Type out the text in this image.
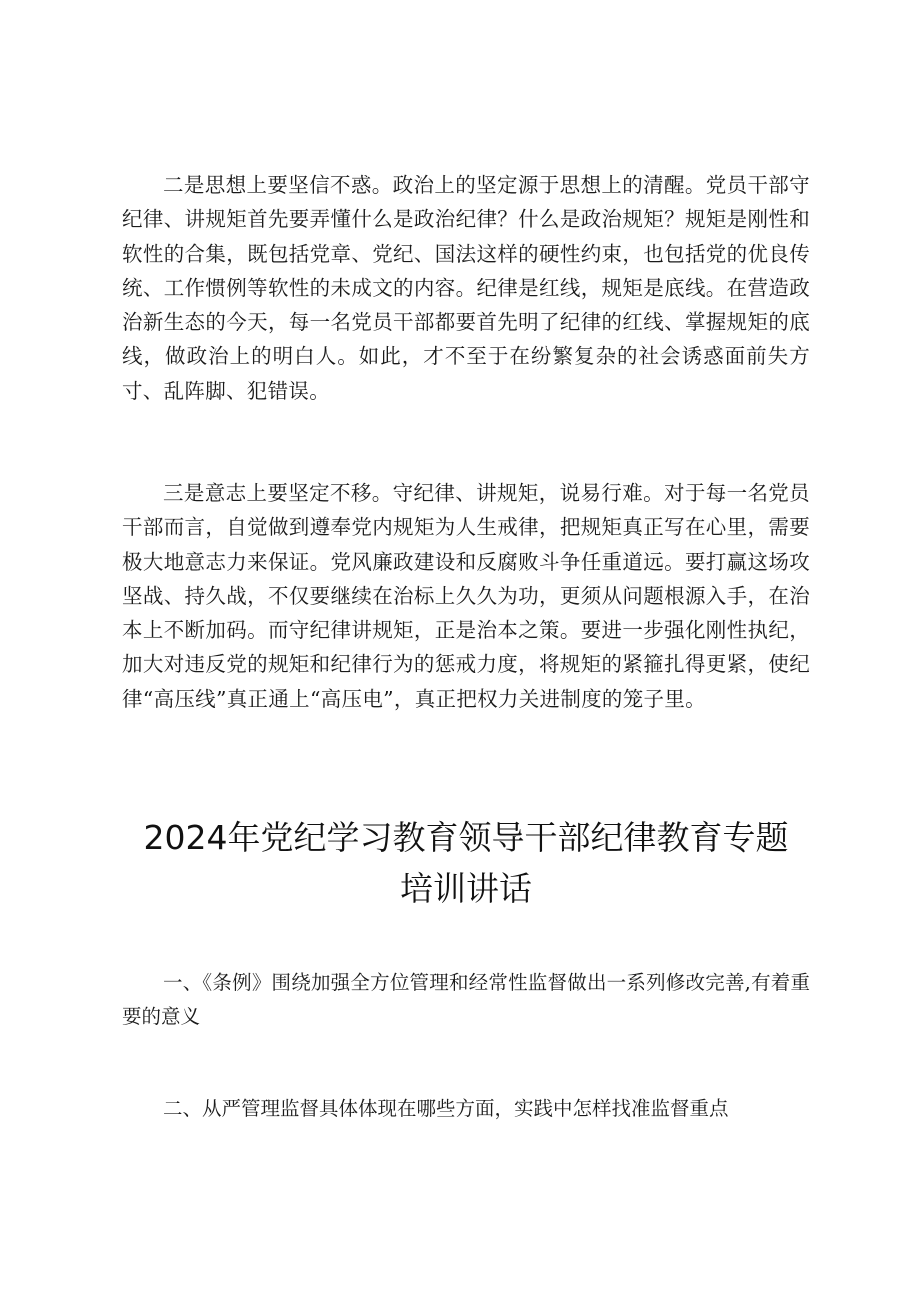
二是思想上要坚信不惑。政治上的坚定源于思想上的清醒。党员干部守纪律、讲规矩首先要弄懂什么是政治纪律？什么是政治规矩？规矩是刚性和软性的合集，既包括党章、党纪、国法这样的硬性约束，也包括党的优良传统、工作惯例等软性的未成文的内容。纪律是红线，规矩是底线。在营造政治新生态的今天，每一名党员干部都要首先明了纪律的红线、掌握规矩的底线，做政治上的明白人。如此，才不至于在纷繁复杂的社会诱惑面前失方寸、乱阵脚、犯错误。

三是意志上要坚定不移。守纪律、讲规矩，说易行难。对于每一名党员干部而言，自觉做到遵奉党内规矩为人生戒律，把规矩真正写在心里，需要极大地意志力来保证。党风廉政建设和反腐败斗争任重道远。要打赢这场攻坚战、持久战，不仅要继续在治标上久久为功，更须从问题根源入手，在治本上不断加码。而守纪律讲规矩，正是治本之策。要进一步强化刚性执纪，加大对违反党的规矩和纪律行为的惩戒力度，将规矩的紧箍扎得更紧，使纪律“高压线”真正通上“高压电”，真正把权力关进制度的笼子里。

2024年党纪学习教育领导干部纪律教育专题
培训讲话

一、《条例》围绕加强全方位管理和经常性监督做出一系列修改完善,有着重要的意义

二、从严管理监督具体体现在哪些方面，实践中怎样找准监督重点
